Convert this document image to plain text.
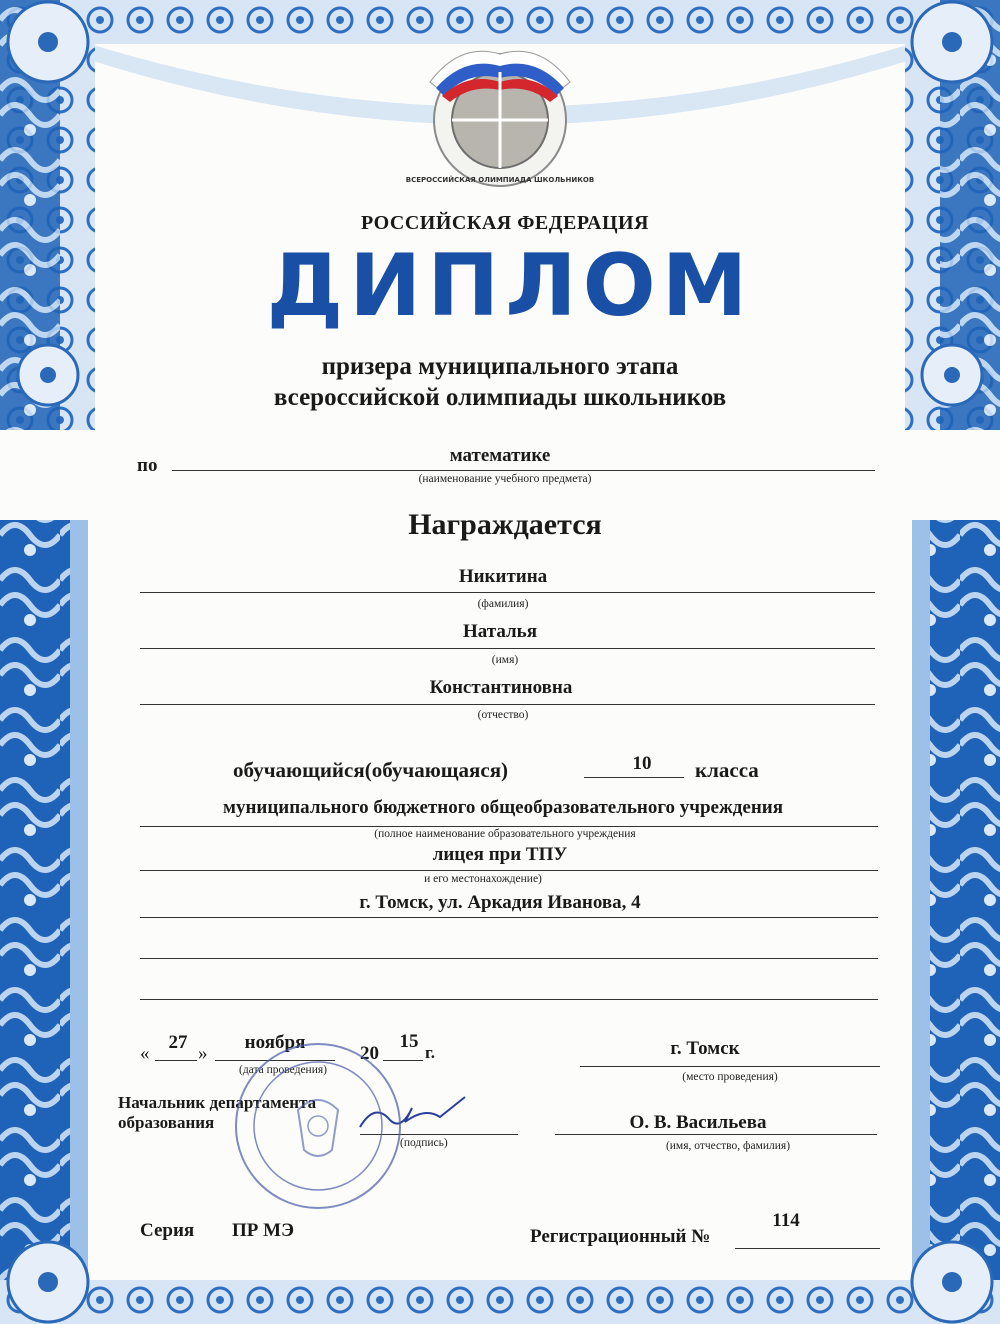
ВСЕРОССИЙСКАЯ ОЛИМПИАДА ШКОЛЬНИКОВ
РОССИЙСКАЯ ФЕДЕРАЦИЯ
ДИПЛОМ
призера муниципального этапа
всероссийской олимпиады школьников
по	математике
(наименование учебного предмета)
Награждается
Никитина
(фамилия)
Наталья
(имя)
Константиновна
(отчество)
обучающийся(обучающаяся)	10 класса
муниципального бюджетного общеобразовательного учреждения
(полное наименование образовательного учреждения
лицея при ТПУ
и его местонахождение)
г. Томск, ул. Аркадия Иванова, 4
«
27
»
ноября
20
15
г.
(дата проведения)
г. Томск
(место проведения)
Начальник департамента
образования
(подпись)
О. В. Васильева
(имя, отчество, фамилия)
Серия ПР МЭ	Регистрационный №
114
